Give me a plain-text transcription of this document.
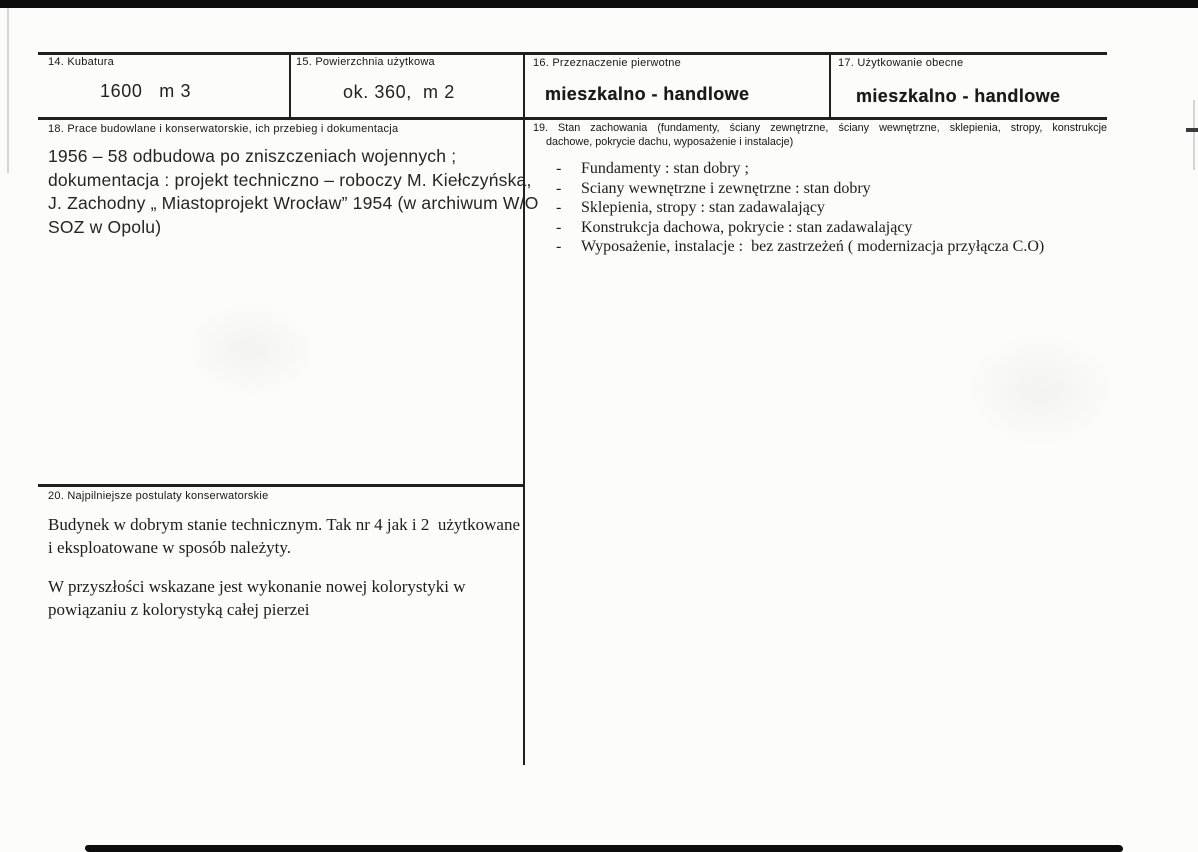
14. Kubatura
1600   m 3
15. Powierzchnia użytkowa
ok. 360,  m 2
16. Przeznaczenie pierwotne
mieszkalno - handlowe
17. Użytkowanie obecne
mieszkalno - handlowe
18. Prace budowlane i konserwatorskie, ich przebieg i dokumentacja
1956 – 58 odbudowa po zniszczeniach wojennych ;
dokumentacja : projekt techniczno – roboczy M. Kiełczyńska,
J. Zachodny „ Miastoprojekt Wrocław” 1954 (w archiwum W/O
SOZ w Opolu)
19. Stan zachowania (fundamenty, ściany zewnętrzne, ściany wewnętrzne, sklepienia, stropy, konstrukcje
dachowe, pokrycie dachu, wyposażenie i instalacje)
-	Fundamenty : stan dobry ;
-	Sciany wewnętrzne i zewnętrzne : stan dobry
-	Sklepienia, stropy : stan zadawalający
-	Konstrukcja dachowa, pokrycie : stan zadawalający
-	Wyposażenie, instalacje :  bez zastrzeżeń ( modernizacja przyłącza C.O)
20. Najpilniejsze postulaty konserwatorskie
Budynek w dobrym stanie technicznym. Tak nr 4 jak i 2  użytkowane
i eksploatowane w sposób należyty.
W przyszłości wskazane jest wykonanie nowej kolorystyki w
powiązaniu z kolorystyką całej pierzei
